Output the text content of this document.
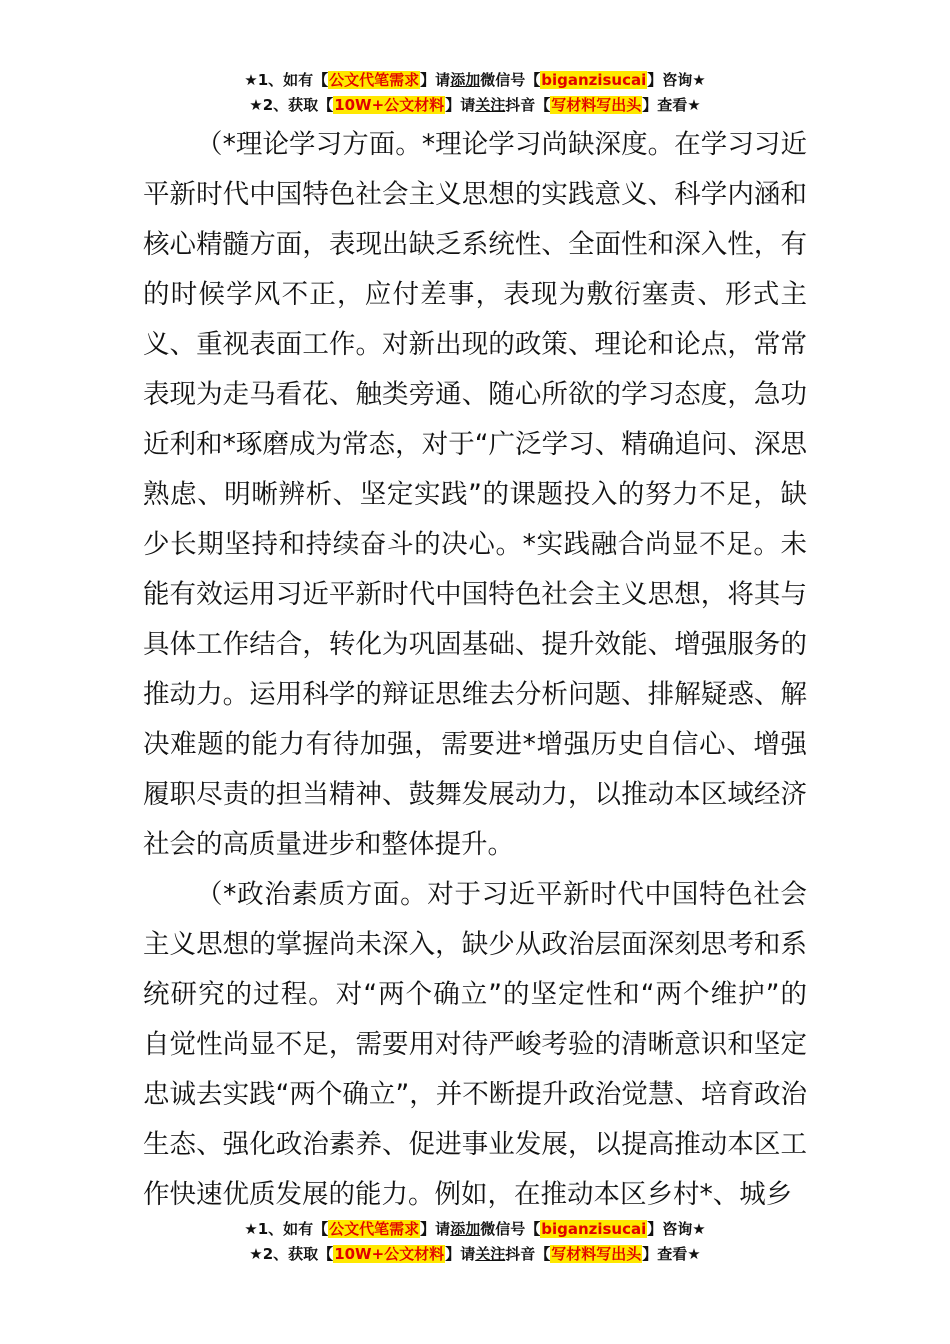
★1、如有【公文代笔需求】请添加微信号【biganzisucai】咨询★
★2、获取【10W+公文材料】请关注抖音【写材料写出头】查看★

（*理论学习方面。*理论学习尚缺深度。在学习习近平新时代中国特色社会主义思想的实践意义、科学内涵和核心精髓方面，表现出缺乏系统性、全面性和深入性，有的时候学风不正，应付差事，表现为敷衍塞责、形式主义、重视表面工作。对新出现的政策、理论和论点，常常表现为走马看花、触类旁通、随心所欲的学习态度，急功近利和*琢磨成为常态，对于“广泛学习、精确追问、深思熟虑、明晰辨析、坚定实践”的课题投入的努力不足，缺少长期坚持和持续奋斗的决心。*实践融合尚显不足。未能有效运用习近平新时代中国特色社会主义思想，将其与具体工作结合，转化为巩固基础、提升效能、增强服务的推动力。运用科学的辩证思维去分析问题、排解疑惑、解决难题的能力有待加强，需要进*增强历史自信心、增强履职尽责的担当精神、鼓舞发展动力，以推动本区域经济社会的高质量进步和整体提升。

（*政治素质方面。对于习近平新时代中国特色社会主义思想的掌握尚未深入，缺少从政治层面深刻思考和系统研究的过程。对“两个确立”的坚定性和“两个维护”的自觉性尚显不足，需要用对待严峻考验的清晰意识和坚定忠诚去实践“两个确立”，并不断提升政治觉慧、培育政治生态、强化政治素养、促进事业发展，以提高推动本区工作快速优质发展的能力。例如，在推动本区乡村*、城乡

★1、如有【公文代笔需求】请添加微信号【biganzisucai】咨询★
★2、获取【10W+公文材料】请关注抖音【写材料写出头】查看★
